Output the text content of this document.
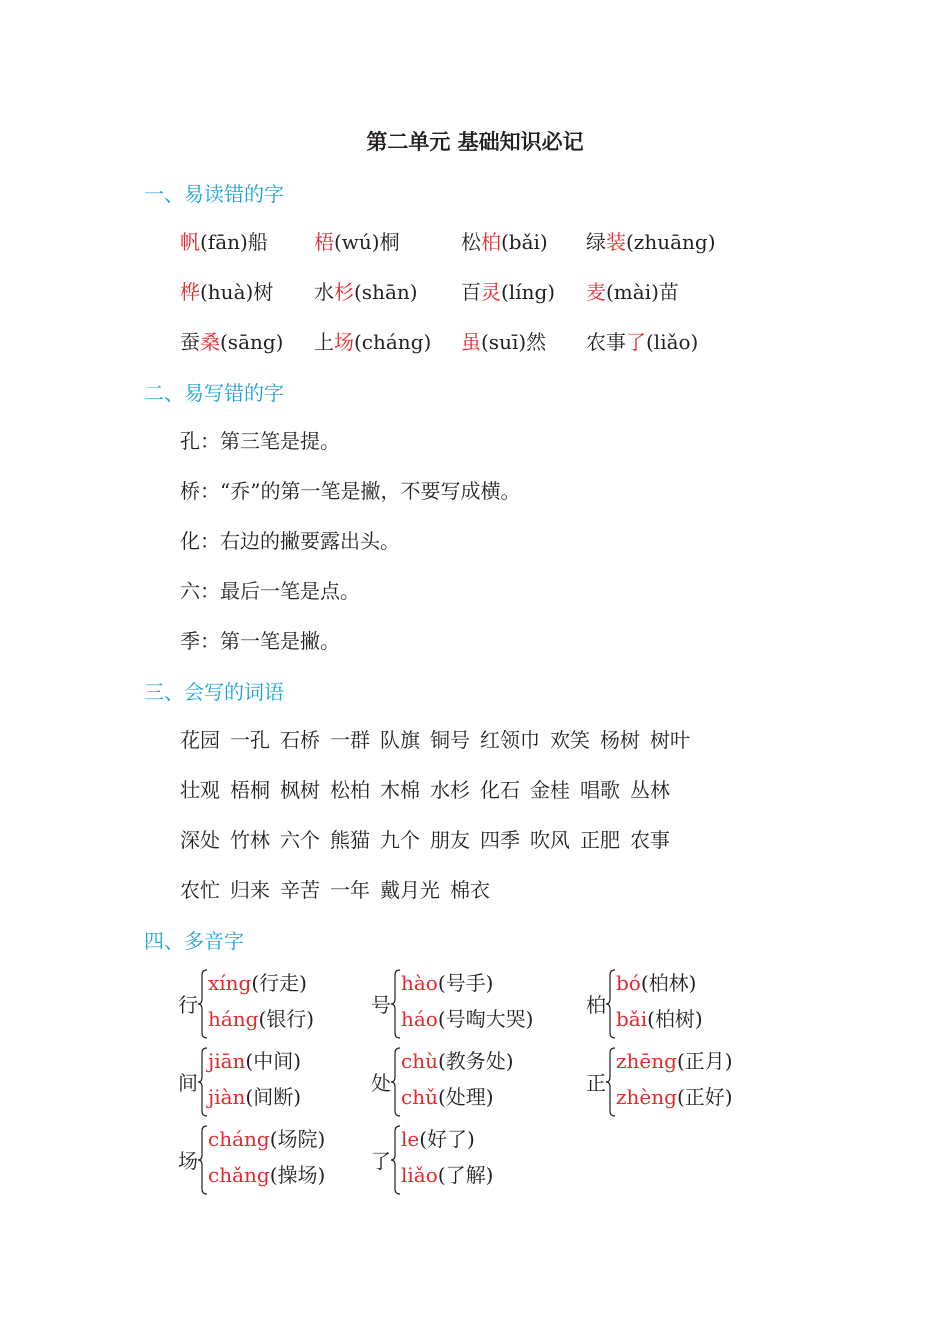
第二单元 基础知识必记
一、易读错的字
帆(fān)船 梧(wú)桐	松柏(bǎi) 绿装(zhuāng)
桦(huà)树 水杉(shān) 百灵(líng) 麦(mài)苗
蚕桑(sāng) 上场(cháng) 虽(suī)然 农事了(liǎo)
二、易写错的字
孔：第三笔是提。
桥：“乔”的第一笔是撇，不要写成横。
化：右边的撇要露出头。
六：最后一笔是点。
季：第一笔是撇。
三、会写的词语
花园 一孔 石桥 一群 队旗 铜号 红领巾 欢笑 杨树 树叶
壮观 梧桐 枫树 松柏 木棉 水杉 化石 金桂 唱歌 丛林
深处 竹林 六个 熊猫 九个 朋友 四季 吹风 正肥 农事
农忙 归来 辛苦 一年 戴月光 棉衣
四、多音字
行
xíng(行走)
háng(银行)
号
hào(号手)
háo(号啕大哭)
柏
bó(柏林)
bǎi(柏树)
间
jiān(中间)
jiàn(间断)
处
chù(教务处)
chǔ(处理)
正
zhēng(正月)
zhèng(正好)
场
cháng(场院)
chǎng(操场)
了
le(好了)
liǎo(了解)
